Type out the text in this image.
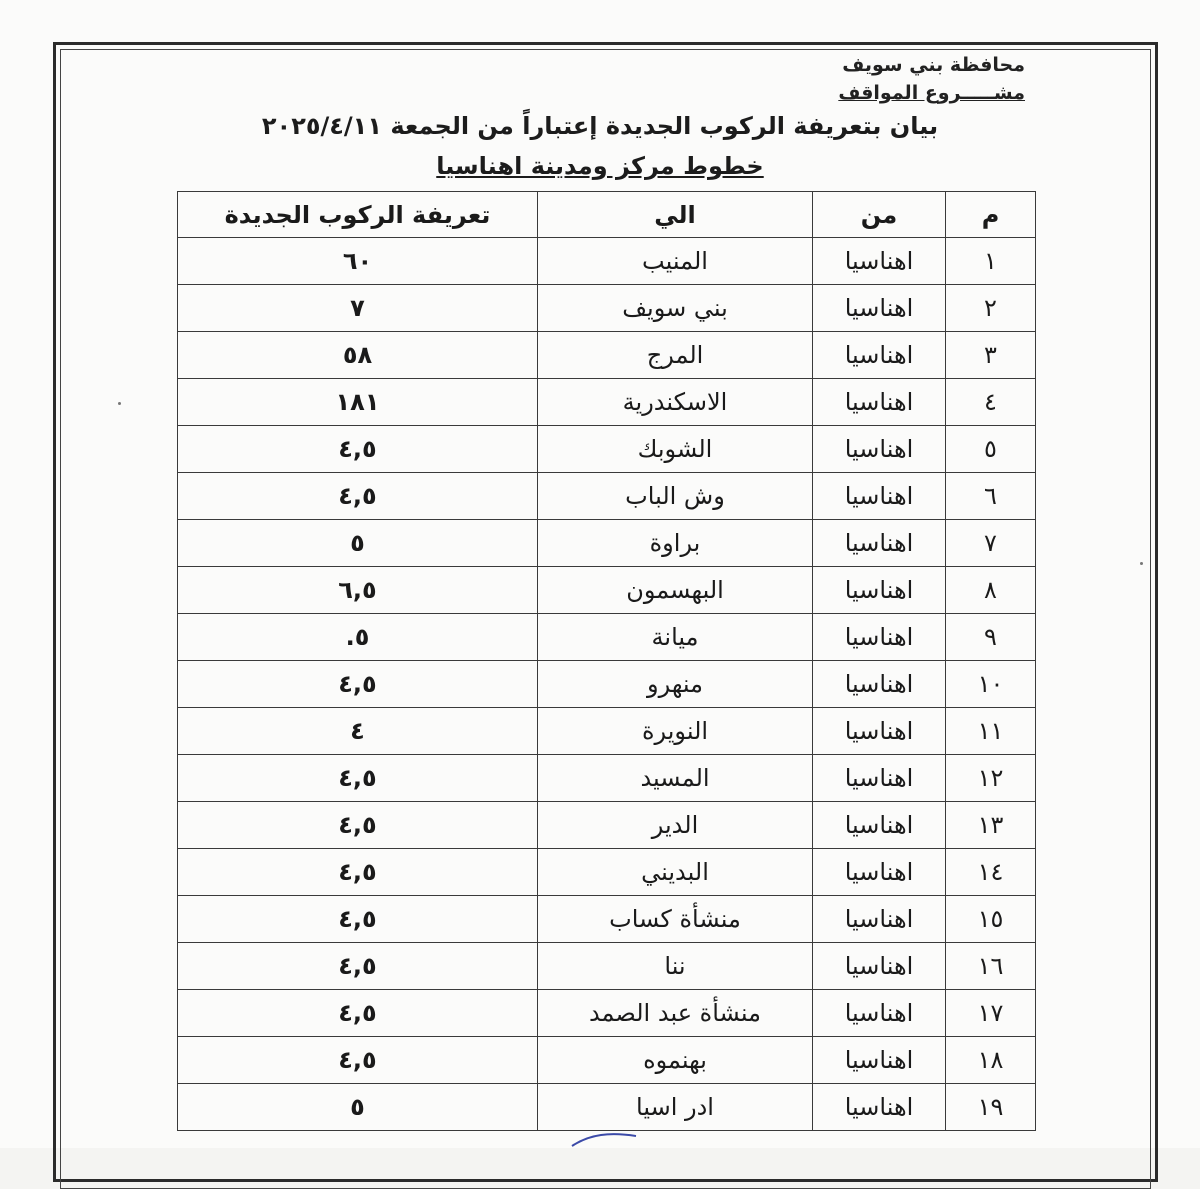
محافظة بني سويف
مشـــــروع المواقف
بيان بتعريفة الركوب الجديدة إعتباراً من الجمعة ٢٠٢٥/٤/١١
خطوط مركز ومدينة اهناسيا
م	من	الي	تعريفة الركوب الجديدة
١	اهناسيا	المنيب	٦٠
٢	اهناسيا	بني سويف	٧
٣	اهناسيا	المرج	٥٨
٤	اهناسيا	الاسكندرية	١٨١
٥	اهناسيا	الشوبك	٤,٥
٦	اهناسيا	وش الباب	٤,٥
٧	اهناسيا	براوة	٥
٨	اهناسيا	البهسمون	٦,٥
٩	اهناسيا	ميانة	٥.
١٠	اهناسيا	منهرو	٤,٥
١١	اهناسيا	النويرة	٤
١٢	اهناسيا	المسيد	٤,٥
١٣	اهناسيا	الدير	٤,٥
١٤	اهناسيا	البديني	٤,٥
١٥	اهناسيا	منشأة كساب	٤,٥
١٦	اهناسيا	ننا	٤,٥
١٧	اهناسيا	منشأة عبد الصمد	٤,٥
١٨	اهناسيا	بهنموه	٤,٥
١٩	اهناسيا	ادر اسيا	٥
